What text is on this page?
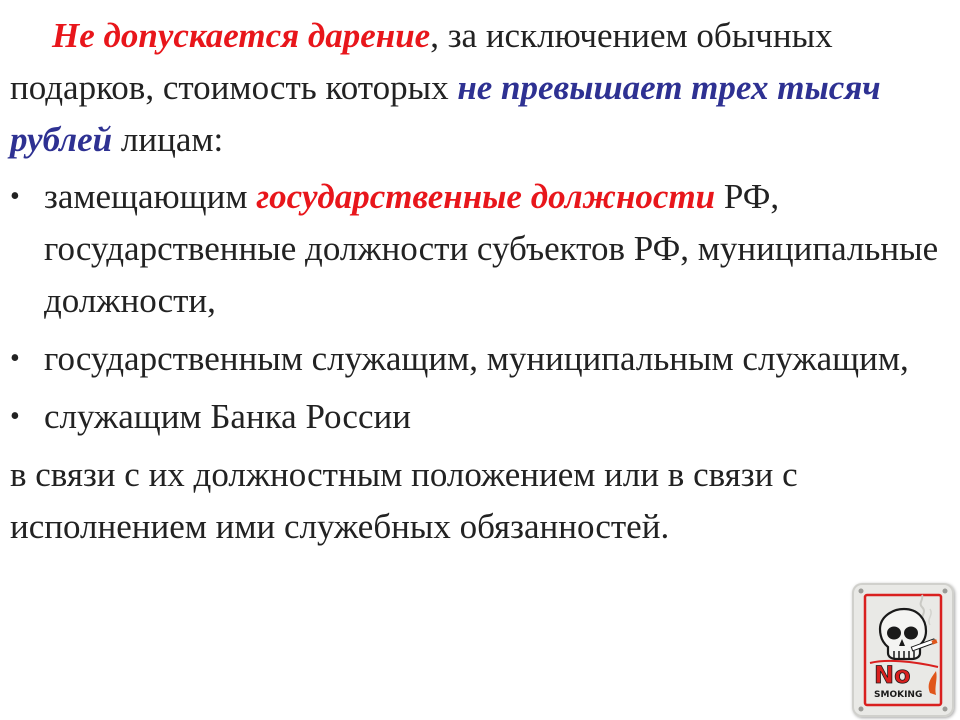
Не допускается дарение, за исключением обычных подарков, стоимость которых не превышает трех тысяч рублей лицам:

• замещающим государственные должности РФ, государственные должности субъектов РФ, муниципальные должности,
• государственным служащим, муниципальным служащим,
• служащим Банка России

в связи с их должностным положением или в связи с исполнением ими служебных обязанностей.

No
SMOKING
